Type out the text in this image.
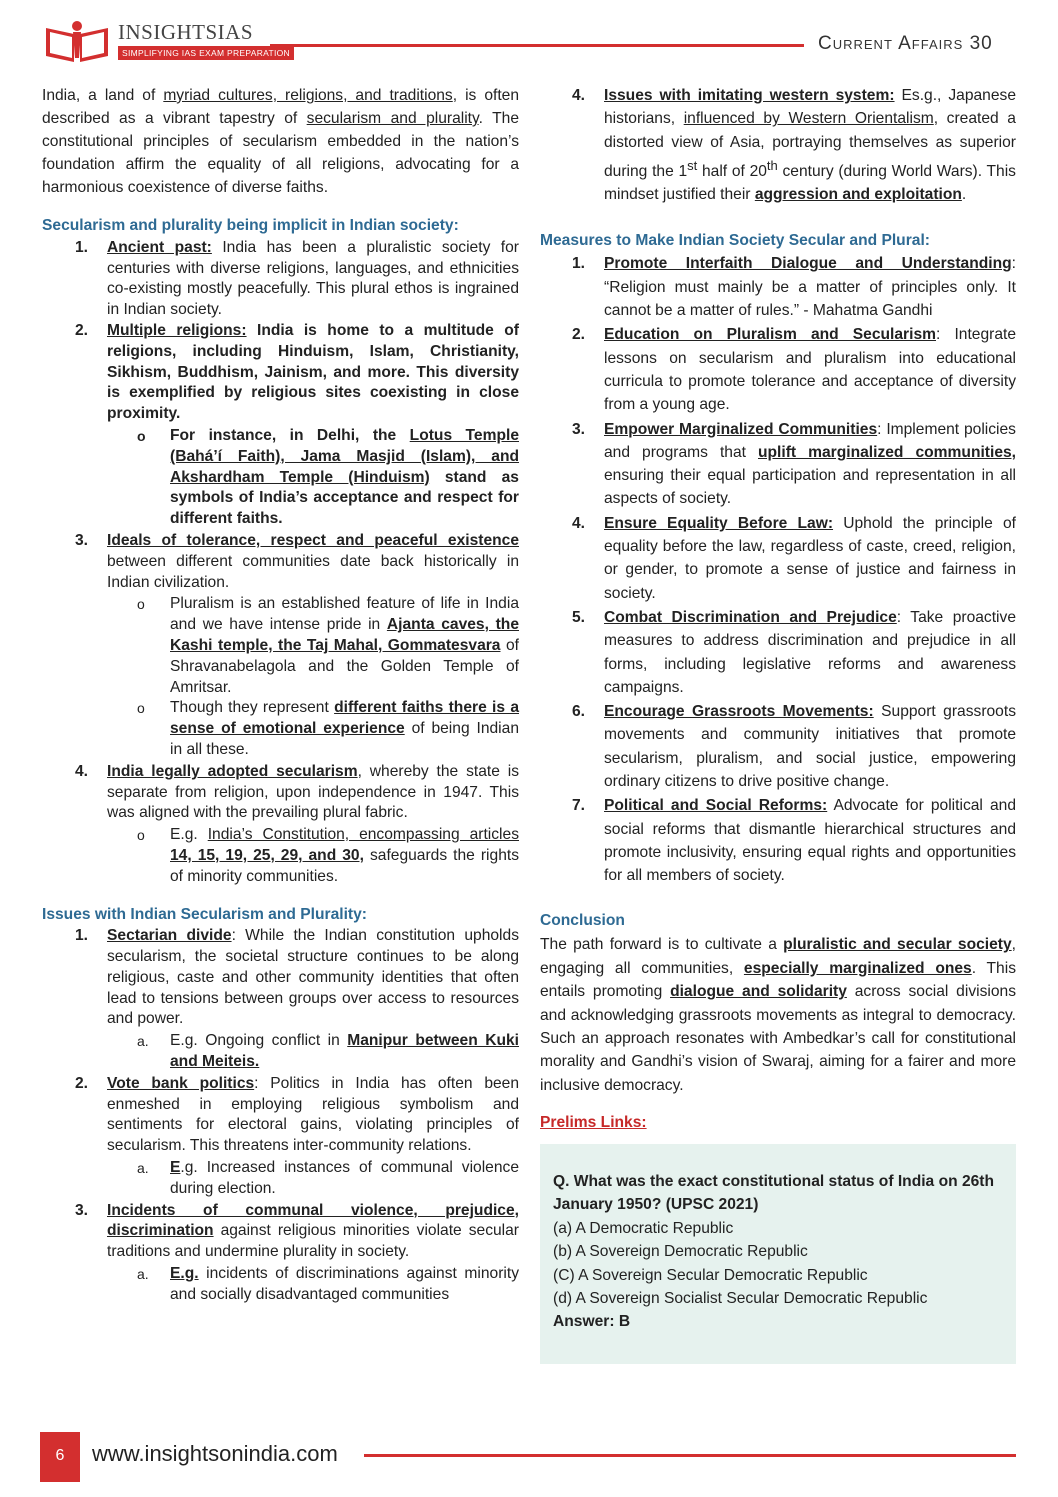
INSIGHTSIAS
SIMPLIFYING IAS EXAM PREPARATION	Current Affairs 30

India, a land of myriad cultures, religions, and traditions, is often described as a vibrant tapestry of secularism and plurality. The constitutional principles of secularism embedded in the nation’s foundation affirm the equality of all religions, advocating for a harmonious coexistence of diverse faiths.

Secularism and plurality being implicit in Indian society:
1.	Ancient past: India has been a pluralistic society for centuries with diverse religions, languages, and ethnicities co-existing mostly peacefully. This plural ethos is ingrained in Indian society.
2.	Multiple religions: India is home to a multitude of religions, including Hinduism, Islam, Christianity, Sikhism, Buddhism, Jainism, and more. This diversity is exemplified by religious sites coexisting in close proximity.
o For instance, in Delhi, the Lotus Temple (Bahá’í Faith), Jama Masjid (Islam), and Akshardham Temple (Hinduism) stand as symbols of India’s acceptance and respect for different faiths.
3.	Ideals of tolerance, respect and peaceful existence between different communities date back historically in Indian civilization.
o Pluralism is an established feature of life in India and we have intense pride in Ajanta caves, the Kashi temple, the Taj Mahal, Gommatesvara of Shravanabelagola and the Golden Temple of Amritsar.
o Though they represent different faiths there is a sense of emotional experience of being Indian in all these.
4.	India legally adopted secularism, whereby the state is separate from religion, upon independence in 1947. This was aligned with the prevailing plural fabric.
o E.g. India’s Constitution, encompassing articles 14, 15, 19, 25, 29, and 30, safeguards the rights of minority communities.
Issues with Indian Secularism and Plurality:
1.	Sectarian divide: While the Indian constitution upholds secularism, the societal structure continues to be along religious, caste and other community identities that often lead to tensions between groups over access to resources and power.
a. E.g. Ongoing conflict in Manipur between Kuki and Meiteis.
2.	Vote bank politics: Politics in India has often been enmeshed in employing religious symbolism and sentiments for electoral gains, violating principles of secularism. This threatens inter-community relations.
a. E.g. Increased instances of communal violence during election.
3.	Incidents of communal violence, prejudice, discrimination against religious minorities violate secular traditions and undermine plurality in society.
a. E.g. incidents of discriminations against minority and socially disadvantaged communities
4.	Issues with imitating western system: Es.g., Japanese historians, influenced by Western Orientalism, created a distorted view of Asia, portraying themselves as superior during the 1st half of 20th century (during World Wars). This mindset justified their aggression and exploitation.
Measures to Make Indian Society Secular and Plural:
1.	Promote Interfaith Dialogue and Understanding: “Religion must mainly be a matter of principles only. It cannot be a matter of rules.” - Mahatma Gandhi
2.	Education on Pluralism and Secularism: Integrate lessons on secularism and pluralism into educational curricula to promote tolerance and acceptance of diversity from a young age.
3.	Empower Marginalized Communities: Implement policies and programs that uplift marginalized communities, ensuring their equal participation and representation in all aspects of society.
4.	Ensure Equality Before Law: Uphold the principle of equality before the law, regardless of caste, creed, religion, or gender, to promote a sense of justice and fairness in society.
5.	Combat Discrimination and Prejudice: Take proactive measures to address discrimination and prejudice in all forms, including legislative reforms and awareness campaigns.
6.	Encourage Grassroots Movements: Support grassroots movements and community initiatives that promote secularism, pluralism, and social justice, empowering ordinary citizens to drive positive change.
7.	Political and Social Reforms: Advocate for political and social reforms that dismantle hierarchical structures and promote inclusivity, ensuring equal rights and opportunities for all members of society.
Conclusion

The path forward is to cultivate a pluralistic and secular society, engaging all communities, especially marginalized ones. This entails promoting dialogue and solidarity across social divisions and acknowledging grassroots movements as integral to democracy. Such an approach resonates with Ambedkar’s call for constitutional morality and Gandhi’s vision of Swaraj, aiming for a fairer and more inclusive democracy.

Prelims Links:

Q. What was the exact constitutional status of India on 26th January 1950? (UPSC 2021)

(a) A Democratic Republic

(b) A Sovereign Democratic Republic

(C) A Sovereign Secular Democratic Republic

(d) A Sovereign Socialist Secular Democratic Republic

Answer: B

6	www.insightsonindia.com
